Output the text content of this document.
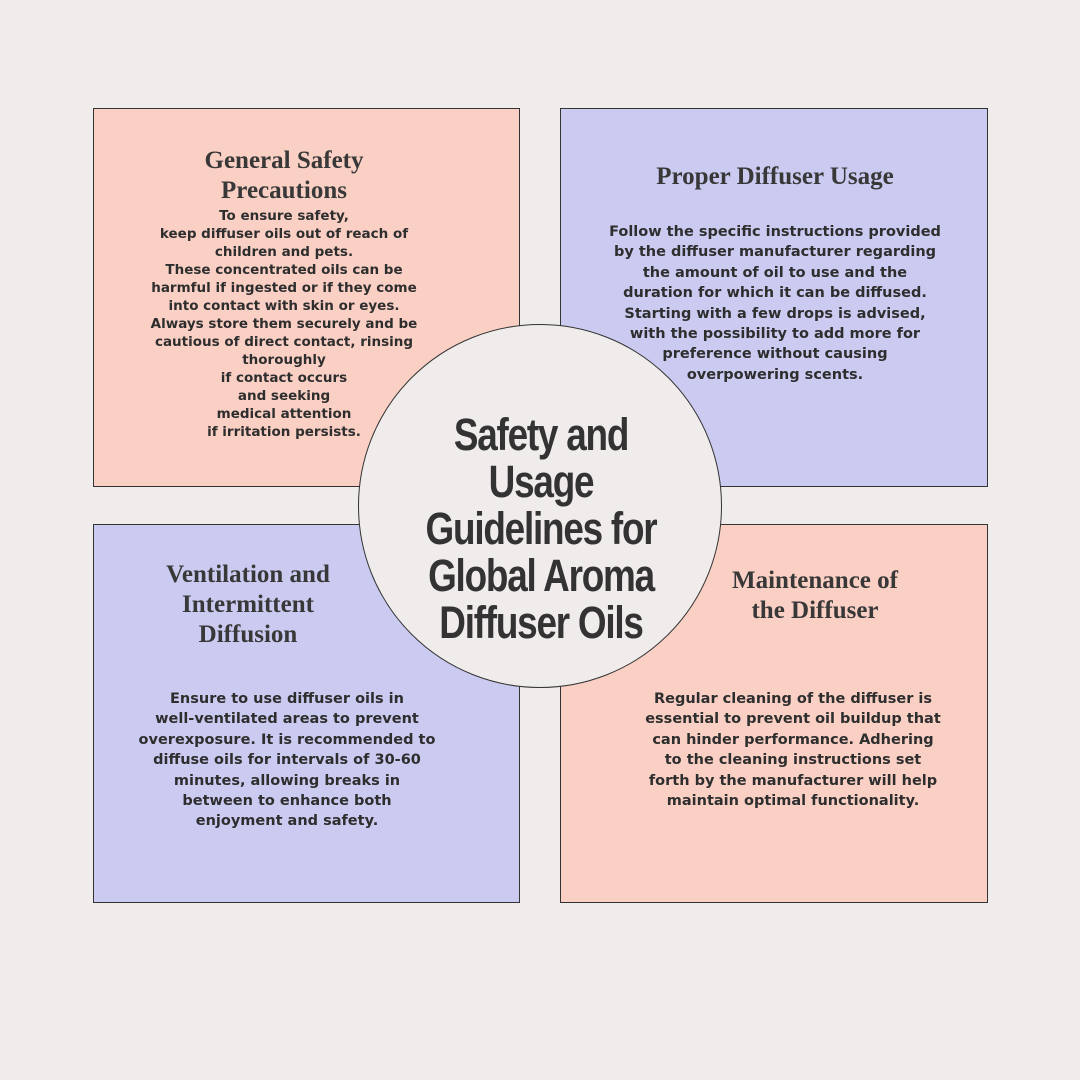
General Safety
Precautions

To ensure safety,
keep diffuser oils out of reach of
children and pets.
These concentrated oils can be
harmful if ingested or if they come
into contact with skin or eyes.
Always store them securely and be
cautious of direct contact, rinsing
thoroughly
if contact occurs
and seeking
medical attention
if irritation persists.

Proper Diffuser Usage

Follow the specific instructions provided
by the diffuser manufacturer regarding
the amount of oil to use and the
duration for which it can be diffused.
Starting with a few drops is advised,
with the possibility to add more for
preference without causing
overpowering scents.

Ventilation and
Intermittent
Diffusion

Ensure to use diffuser oils in
well-ventilated areas to prevent
overexposure. It is recommended to
diffuse oils for intervals of 30-60
minutes, allowing breaks in
between to enhance both
enjoyment and safety.

Maintenance of
the Diffuser

Regular cleaning of the diffuser is
essential to prevent oil buildup that
can hinder performance. Adhering
to the cleaning instructions set
forth by the manufacturer will help
maintain optimal functionality.

Safety and Usage
Guidelines for
Global Aroma
Diffuser Oils
